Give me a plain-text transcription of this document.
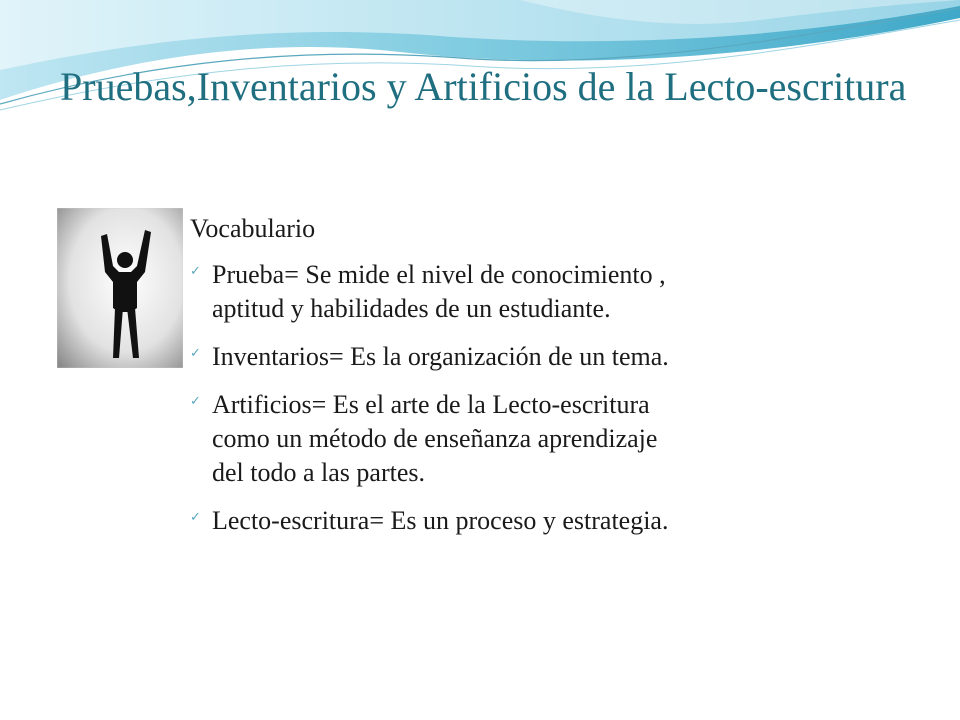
Pruebas,Inventarios y Artificios de la Lecto-escritura

Vocabulario

✓ Prueba= Se mide el nivel de conocimiento ,
aptitud y habilidades de un estudiante.
✓ Inventarios= Es la organización de un tema.
✓ Artificios= Es el arte de la Lecto-escritura
como un método de enseñanza aprendizaje
del todo a las partes.
✓ Lecto-escritura= Es un proceso y estrategia.
